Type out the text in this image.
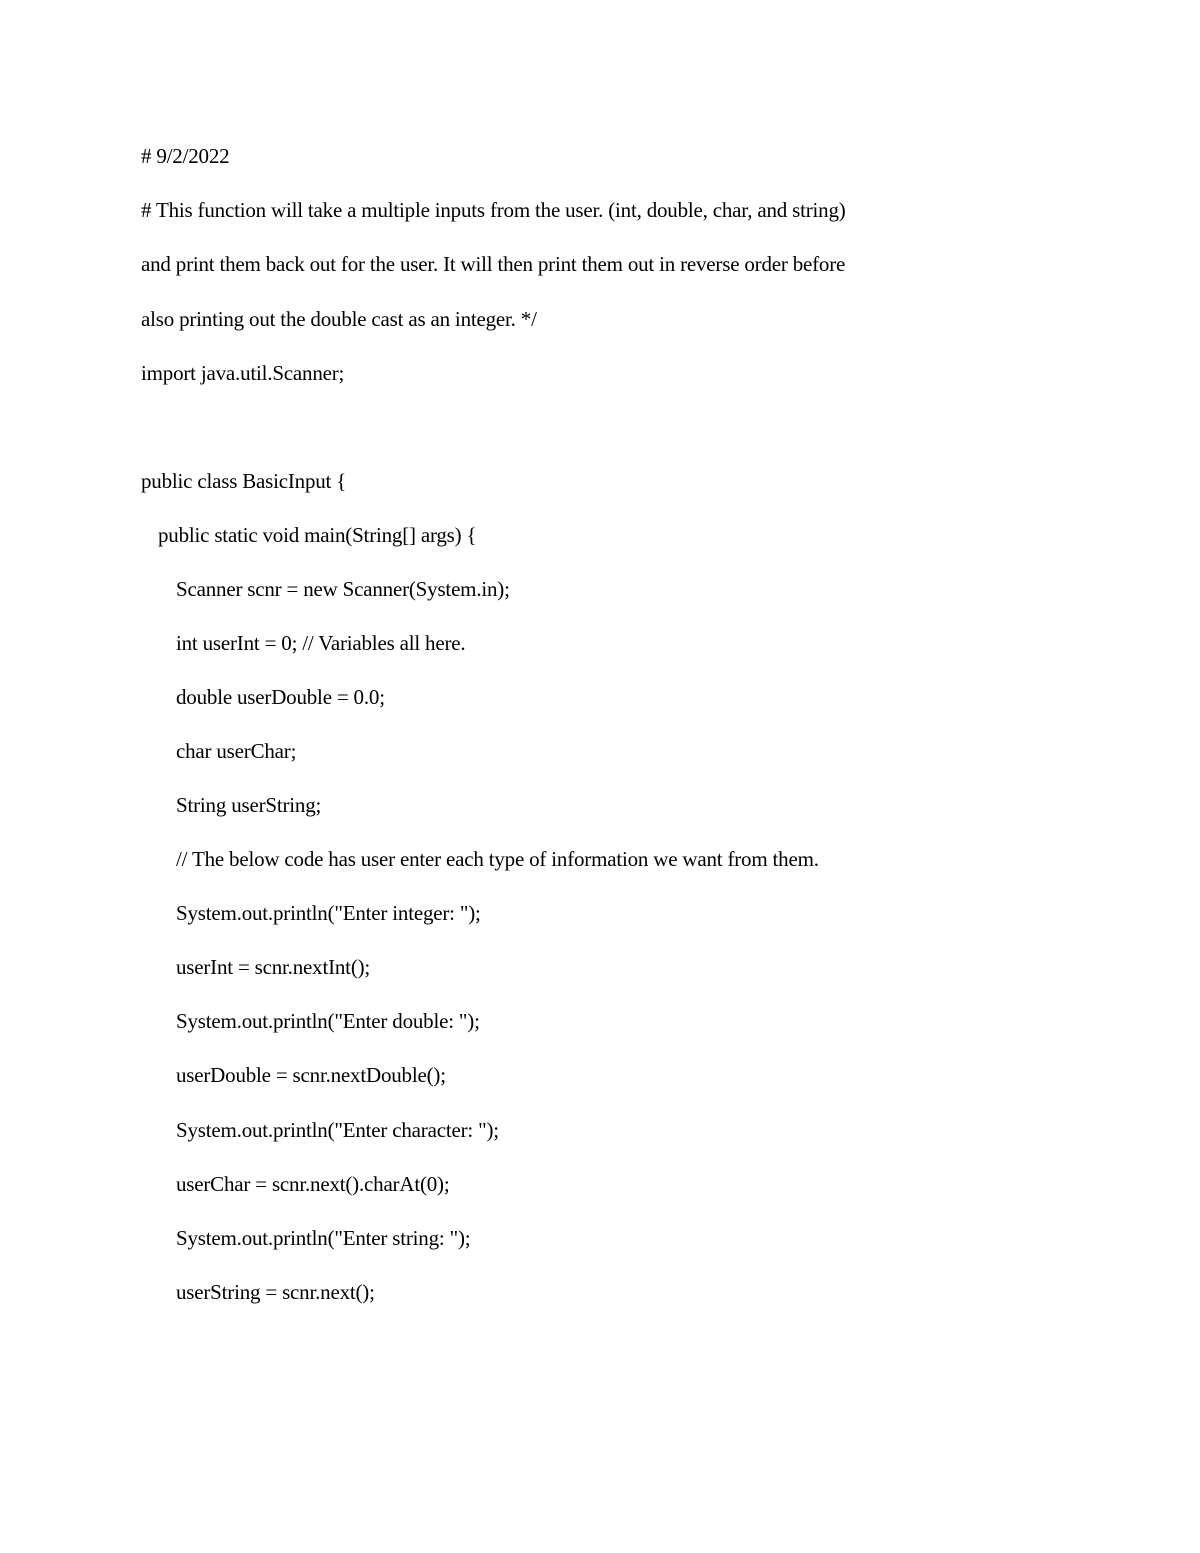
# 9/2/2022
# This function will take a multiple inputs from the user. (int, double, char, and string)
and print them back out for the user. It will then print them out in reverse order before
also printing out the double cast as an integer. */
import java.util.Scanner;
public class BasicInput {
public static void main(String[] args) {
Scanner scnr = new Scanner(System.in);
int userInt = 0; // Variables all here.
double userDouble = 0.0;
char userChar;
String userString;
// The below code has user enter each type of information we want from them.
System.out.println("Enter integer: ");
userInt = scnr.nextInt();
System.out.println("Enter double: ");
userDouble = scnr.nextDouble();
System.out.println("Enter character: ");
userChar = scnr.next().charAt(0);
System.out.println("Enter string: ");
userString = scnr.next();
